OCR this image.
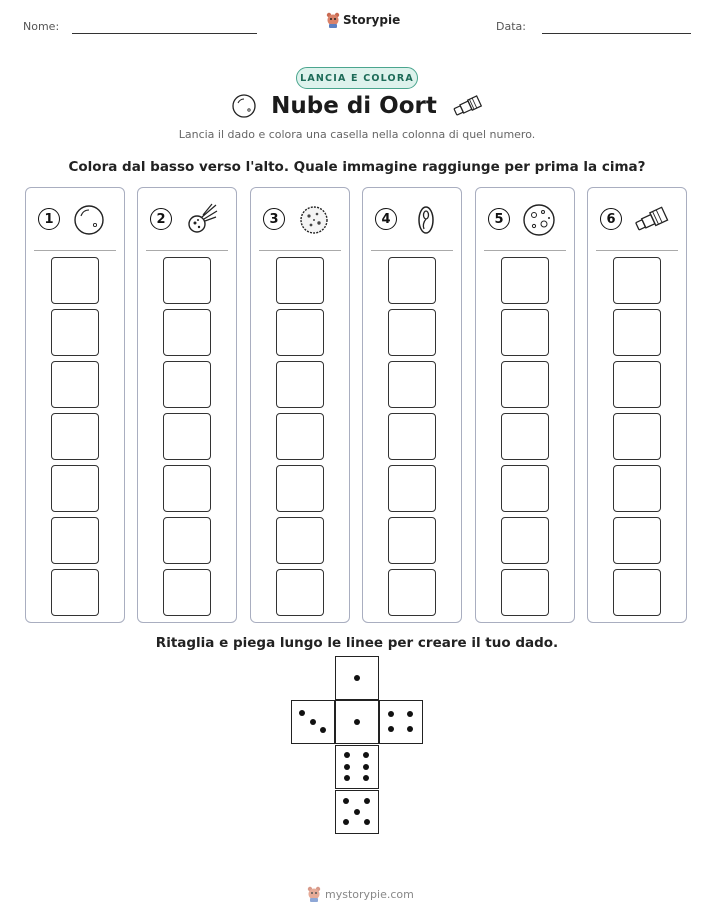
Nome:	Storypie	Data:
LANCIA E COLORA
Nube di Oort
Lancia il dado e colora una casella nella colonna di quel numero.
Colora dal basso verso l'alto. Quale immagine raggiunge per prima la cima?
1	2	3	4	5	6
Ritaglia e piega lungo le linee per creare il tuo dado.
mystorypie.com
